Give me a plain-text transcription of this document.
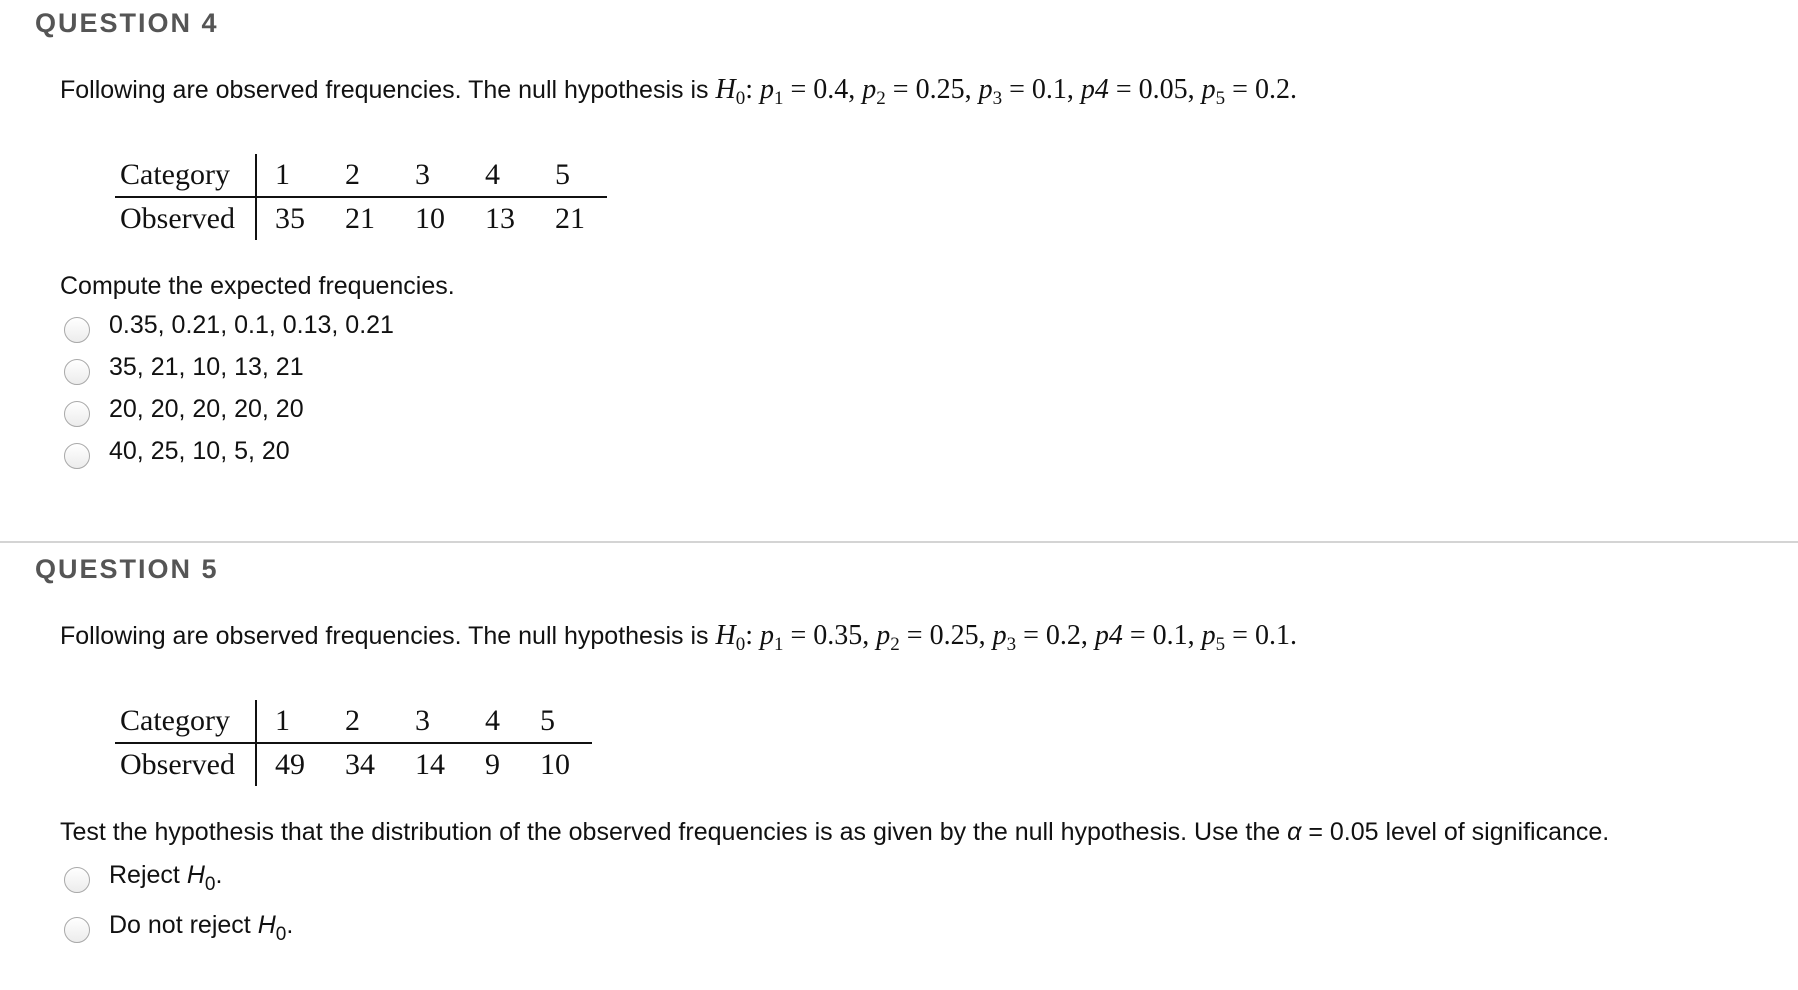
QUESTION 4
Following are observed frequencies. The null hypothesis is $H_0$: $p_1 = 0.4$, $p_2 = 0.25$, $p_3 = 0.1$, p4 = 0.05, $p_5 = 0.2$.
Category	1	2	3	4	5
Observed	35	21	10	13	21
Compute the expected frequencies.
0.35, 0.21, 0.1, 0.13, 0.21
35, 21, 10, 13, 21
20, 20, 20, 20, 20
40, 25, 10, 5, 20
QUESTION 5
Following are observed frequencies. The null hypothesis is $H_0$: $p_1 = 0.35$, $p_2 = 0.25$, $p_3 = 0.2$, p4 = 0.1, $p_5 = 0.1$.
Category	1	2	3	4	5
Observed	49	34	14	9	10
Test the hypothesis that the distribution of the observed frequencies is as given by the null hypothesis. Use the α = 0.05 level of significance.
Reject $H_0$.
Do not reject $H_0$.
